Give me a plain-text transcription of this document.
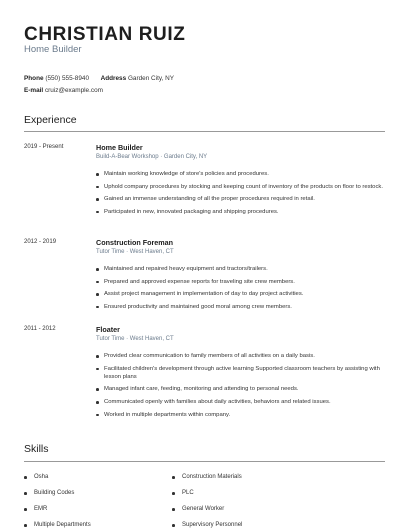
CHRISTIAN RUIZ
Home Builder
Phone (550) 555-8940 Address Garden City, NY
E-mail cruiz@example.com
Experience
2019 - Present	Home Builder
Build-A-Bear Workshop · Garden City, NY
Maintain working knowledge of store's policies and procedures.
Uphold company procedures by stocking and keeping count of inventory of the products on floor to restock.
Gained an immense understanding of all the proper procedures required in retail.
Participated in new, innovated packaging and shipping procedures.
2012 - 2019	Construction Foreman
Tutor Time · West Haven, CT
Maintained and repaired heavy equipment and tractors/trailers.
Prepared and approved expense reports for traveling site crew members.
Assist project management in implementation of day to day project activities.
Ensured productivity and maintained good moral among crew members.
2011 - 2012	Floater
Tutor Time · West Haven, CT
Provided clear communication to family members of all activities on a daily basis.
Facilitated children's development through active learning Supported classroom teachers by assisting with lesson plans
Managed infant care, feeding, monitoring and attending to personal needs.
Communicated openly with families about daily activities, behaviors and related issues.
Worked in multiple departments within company.
Skills
Osha
Building Codes
EMR
Multiple Departments
Construction Materials
PLC
General Worker
Supervisory Personnel
